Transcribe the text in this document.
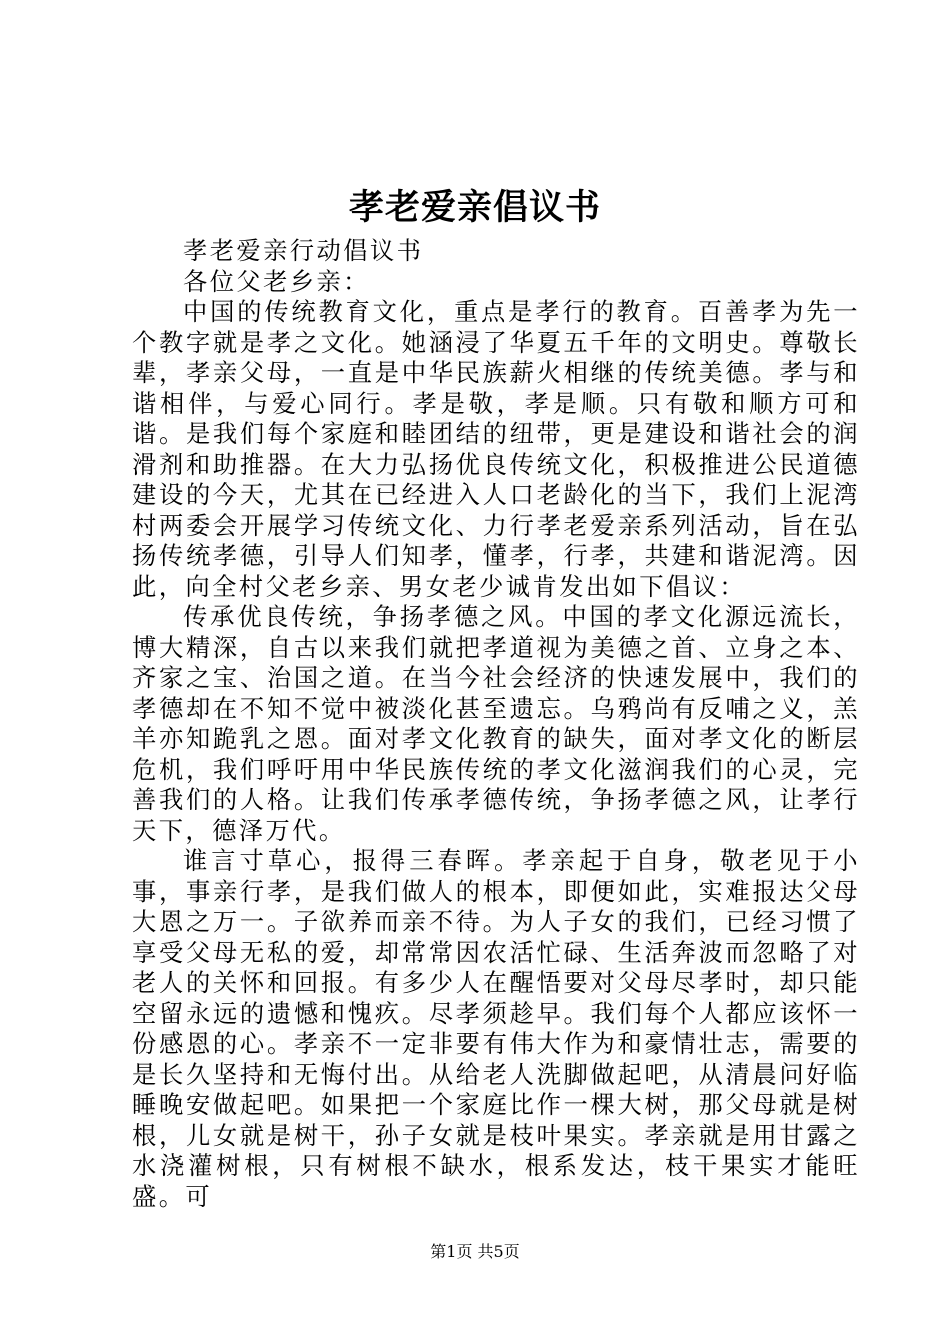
孝老爱亲倡议书

孝老爱亲行动倡议书

各位父老乡亲：

中国的传统教育文化，重点是孝行的教育。百善孝为先一个教字就是孝之文化。她涵浸了华夏五千年的文明史。尊敬长辈，孝亲父母，一直是中华民族薪火相继的传统美德。孝与和谐相伴，与爱心同行。孝是敬，孝是顺。只有敬和顺方可和谐。是我们每个家庭和睦团结的纽带，更是建设和谐社会的润滑剂和助推器。在大力弘扬优良传统文化，积极推进公民道德建设的今天，尤其在已经进入人口老龄化的当下，我们上泥湾村两委会开展学习传统文化、力行孝老爱亲系列活动，旨在弘扬传统孝德，引导人们知孝，懂孝，行孝，共建和谐泥湾。因此，向全村父老乡亲、男女老少诚肯发出如下倡议：

传承优良传统，争扬孝德之风。中国的孝文化源远流长，博大精深，自古以来我们就把孝道视为美德之首、立身之本、齐家之宝、治国之道。在当今社会经济的快速发展中，我们的孝德却在不知不觉中被淡化甚至遗忘。乌鸦尚有反哺之义，羔羊亦知跪乳之恩。面对孝文化教育的缺失，面对孝文化的断层危机，我们呼吁用中华民族传统的孝文化滋润我们的心灵，完善我们的人格。让我们传承孝德传统，争扬孝德之风，让孝行天下，德泽万代。

谁言寸草心，报得三春晖。孝亲起于自身，敬老见于小事，事亲行孝，是我们做人的根本，即便如此，实难报达父母大恩之万一。子欲养而亲不待。为人子女的我们，已经习惯了享受父母无私的爱，却常常因农活忙碌、生活奔波而忽略了对老人的关怀和回报。有多少人在醒悟要对父母尽孝时，却只能空留永远的遗憾和愧疚。尽孝须趁早。我们每个人都应该怀一份感恩的心。孝亲不一定非要有伟大作为和豪情壮志，需要的是长久坚持和无悔付出。从给老人洗脚做起吧，从清晨问好临睡晚安做起吧。如果把一个家庭比作一棵大树，那父母就是树根，儿女就是树干，孙子女就是枝叶果实。孝亲就是用甘露之水浇灌树根，只有树根不缺水，根系发达，枝干果实才能旺盛。可

第1页 共5页
